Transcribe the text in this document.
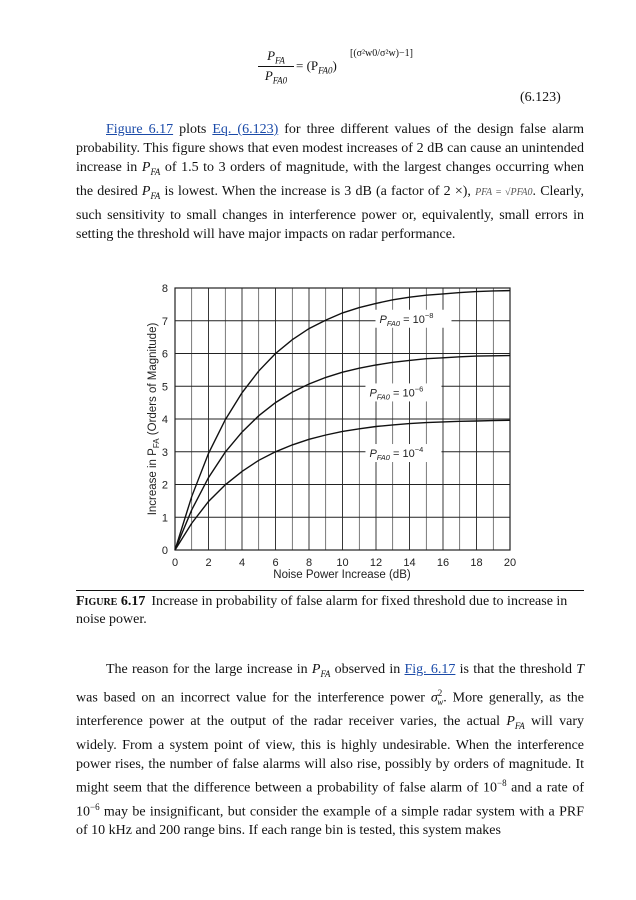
$P_{FA}$
$P_{FA0}$
= $(P_{FA0})$
[(σ²w0/σ²w)−1]
(6.123)
Figure 6.17 plots Eq. (6.123) for three different values of the design false alarm probability. This figure shows that even modest increases of 2 dB can cause an unintended increase in $P_{FA}$ of 1.5 to 3 orders of magnitude, with the largest changes occurring when the desired $P_{FA}$ is lowest. When the increase is 3 dB (a factor of 2 ×), PFA = √PFA0. Clearly, such sensitivity to small changes in interference power or, equivalently, small errors in setting the threshold will have major impacts on radar performance.
0
1
2
3
4
5
6
7
8
0 2 4 6 8 10 12 14 16 18 20
$P_{FA0} = 10^{-8}$
$P_{FA0} = 10^{-6}$
$P_{FA0} = 10^{-4}$
Noise Power Increase (dB)
Increase in $P_{FA}$ (Orders of Magnitude)
Figure 6.17 Increase in probability of false alarm for fixed threshold due to increase in noise power.
The reason for the large increase in $P_{FA}$ observed in Fig. 6.17 is that the threshold T was based on an incorrect value for the interference power $\sigma^2_w$. More generally, as the interference power at the output of the radar receiver varies, the actual $P_{FA}$ will vary widely. From a system point of view, this is highly undesirable. When the interference power rises, the number of false alarms will also rise, possibly by orders of magnitude. It might seem that the difference between a probability of false alarm of $10^{-8}$ and a rate of $10^{-6}$ may be insignificant, but consider the example of a simple radar system with a PRF of 10 kHz and 200 range bins. If each range bin is tested, this system makes
